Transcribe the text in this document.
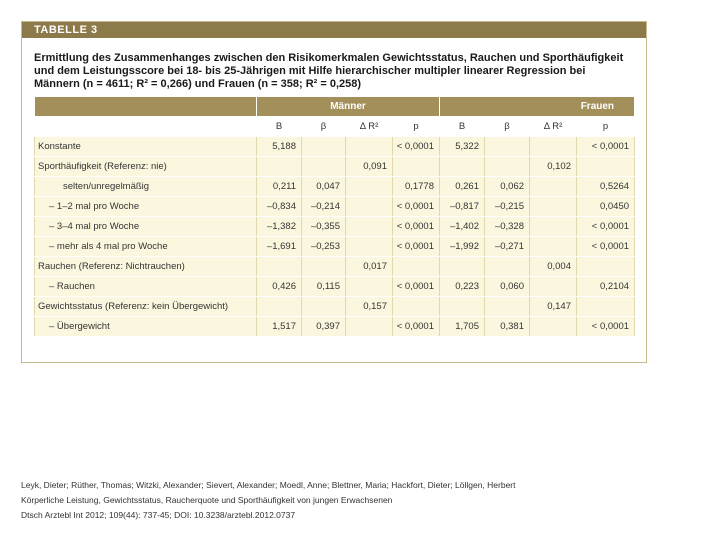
TABELLE 3
Ermittlung des Zusammenhanges zwischen den Risikomerkmalen Gewichtsstatus, Rauchen und Sporthäufigkeit und dem Leistungsscore bei 18- bis 25-Jährigen mit Hilfe hierarchischer multipler linearer Regression bei Männern (n = 4611; R² = 0,266) und Frauen (n = 358; R² = 0,258)
	Männer				Frauen			
	B	β	Δ R²	p	B	β	Δ R²	p
Konstante	5,188			< 0,0001	5,322			< 0,0001
Sporthäufigkeit (Referenz: nie)			0,091				0,102	
selten/unregelmäßig	0,211	0,047		0,1778	0,261	0,062		0,5264
– 1–2 mal pro Woche	–0,834	–0,214		< 0,0001	–0,817	–0,215		0,0450
– 3–4 mal pro Woche	–1,382	–0,355		< 0,0001	–1,402	–0,328		< 0,0001
– mehr als 4 mal pro Woche	–1,691	–0,253		< 0,0001	–1,992	–0,271		< 0,0001
Rauchen (Referenz: Nichtrauchen)			0,017				0,004	
– Rauchen	0,426	0,115		< 0,0001	0,223	0,060		0,2104
Gewichtsstatus (Referenz: kein Übergewicht)			0,157				0,147	
– Übergewicht	1,517	0,397		< 0,0001	1,705	0,381		< 0,0001
Leyk, Dieter; Rüther, Thomas; Witzki, Alexander; Sievert, Alexander; Moedl, Anne; Blettner, Maria; Hackfort, Dieter; Löllgen, Herbert
Körperliche Leistung, Gewichtsstatus, Raucherquote und Sporthäufigkeit von jungen Erwachsenen
Dtsch Arztebl Int 2012; 109(44): 737-45; DOI: 10.3238/arztebl.2012.0737
